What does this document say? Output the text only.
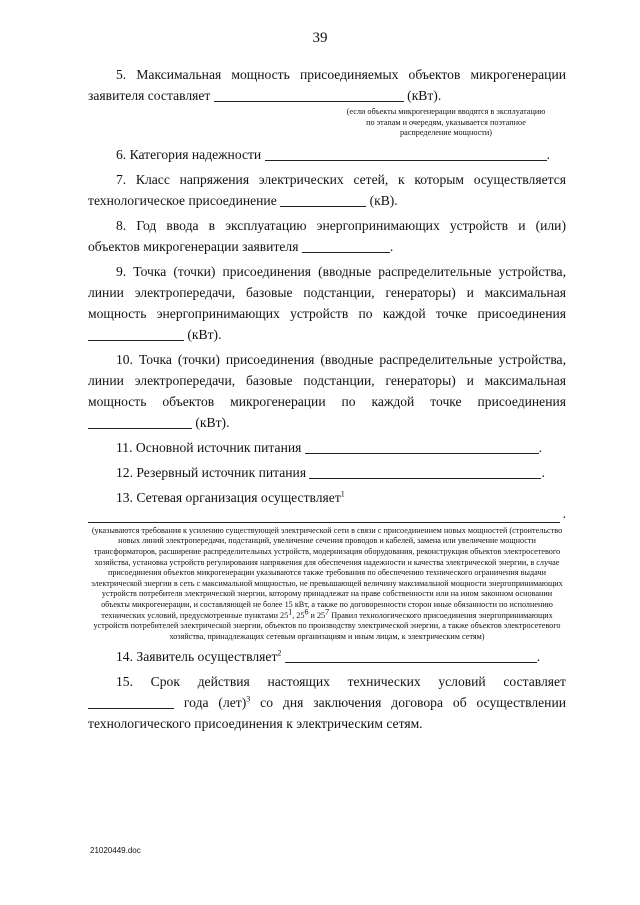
39

5. Максимальная мощность присоединяемых объектов микрогенерации заявителя составляет	(кВт).

(если объекты микрогенерации вводятся в эксплуатацию по этапам и очередям, указывается поэтапное распределение мощности)

6. Категория надежности	.

7. Класс напряжения электрических сетей, к которым осуществляется технологическое присоединение	(кВ).

8. Год ввода в эксплуатацию энергопринимающих устройств и (или) объектов микрогенерации заявителя	.

9. Точка (точки) присоединения (вводные распределительные устройства, линии электропередачи, базовые подстанции, генераторы) и максимальная мощность энергопринимающих устройств по каждой точке присоединения  (кВт).

10. Точка (точки) присоединения (вводные распределительные устройства, линии электропередачи, базовые подстанции, генераторы) и максимальная мощность объектов микрогенерации по каждой точке присоединения  (кВт).

11. Основной источник питания	.

12. Резервный источник питания	.

13. Сетевая организация осуществляет$^1$

.

(указываются требования к усилению существующей электрической сети в связи с присоединением новых мощностей (строительство новых линий электропередачи, подстанций, увеличение сечения проводов и кабелей, замена или увеличение мощности трансформаторов, расширение распределительных устройств, модернизация оборудования, реконструкция объектов электросетевого хозяйства, установка устройств регулирования напряжения для обеспечения надежности и качества электрической энергии, в случае присоединения объектов микрогенерации указываются также требования по обеспечению технического ограничения выдачи электрической энергии в сеть с максимальной мощностью, не превышающей величину максимальной мощности энергопринимающих устройств потребителя электрической энергии, которому принадлежат на праве собственности или на ином законном основании объекты микрогенерации, и составляющей не более 15 кВт, а также по договоренности сторон иные обязанности по исполнению технических условий, предусмотренные пунктами $25^1$, $25^6$ и $25^7$ Правил технологического присоединения энергопринимающих устройств потребителей электрической энергии, объектов по производству электрической энергии, а также объектов электросетевого хозяйства, принадлежащих сетевым организациям и иным лицам, к электрическим сетям)

14. Заявитель осуществляет$^2$	.

15. Срок действия настоящих технических условий составляет  года (лет)$^3$ со дня заключения договора об осуществлении технологического присоединения к электрическим сетям.

21020449.doc
